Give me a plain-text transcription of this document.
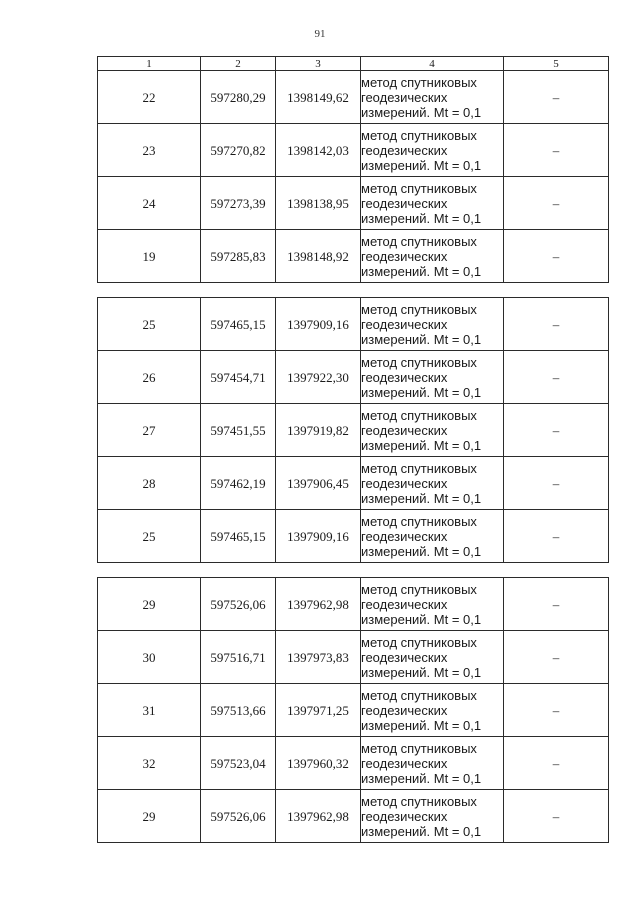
91
1	2	3	4	5
22	597280,29	1398149,62	метод спутниковых
геодезических
измерений. Mt = 0,1	–
23	597270,82	1398142,03	метод спутниковых
геодезических
измерений. Mt = 0,1	–
24	597273,39	1398138,95	метод спутниковых
геодезических
измерений. Mt = 0,1	–
19	597285,83	1398148,92	метод спутниковых
геодезических
измерений. Mt = 0,1	–

25	597465,15	1397909,16	метод спутниковых
геодезических
измерений. Mt = 0,1	–
26	597454,71	1397922,30	метод спутниковых
геодезических
измерений. Mt = 0,1	–
27	597451,55	1397919,82	метод спутниковых
геодезических
измерений. Mt = 0,1	–
28	597462,19	1397906,45	метод спутниковых
геодезических
измерений. Mt = 0,1	–
25	597465,15	1397909,16	метод спутниковых
геодезических
измерений. Mt = 0,1	–

29	597526,06	1397962,98	метод спутниковых
геодезических
измерений. Mt = 0,1	–
30	597516,71	1397973,83	метод спутниковых
геодезических
измерений. Mt = 0,1	–
31	597513,66	1397971,25	метод спутниковых
геодезических
измерений. Mt = 0,1	–
32	597523,04	1397960,32	метод спутниковых
геодезических
измерений. Mt = 0,1	–
29	597526,06	1397962,98	метод спутниковых
геодезических
измерений. Mt = 0,1	–
